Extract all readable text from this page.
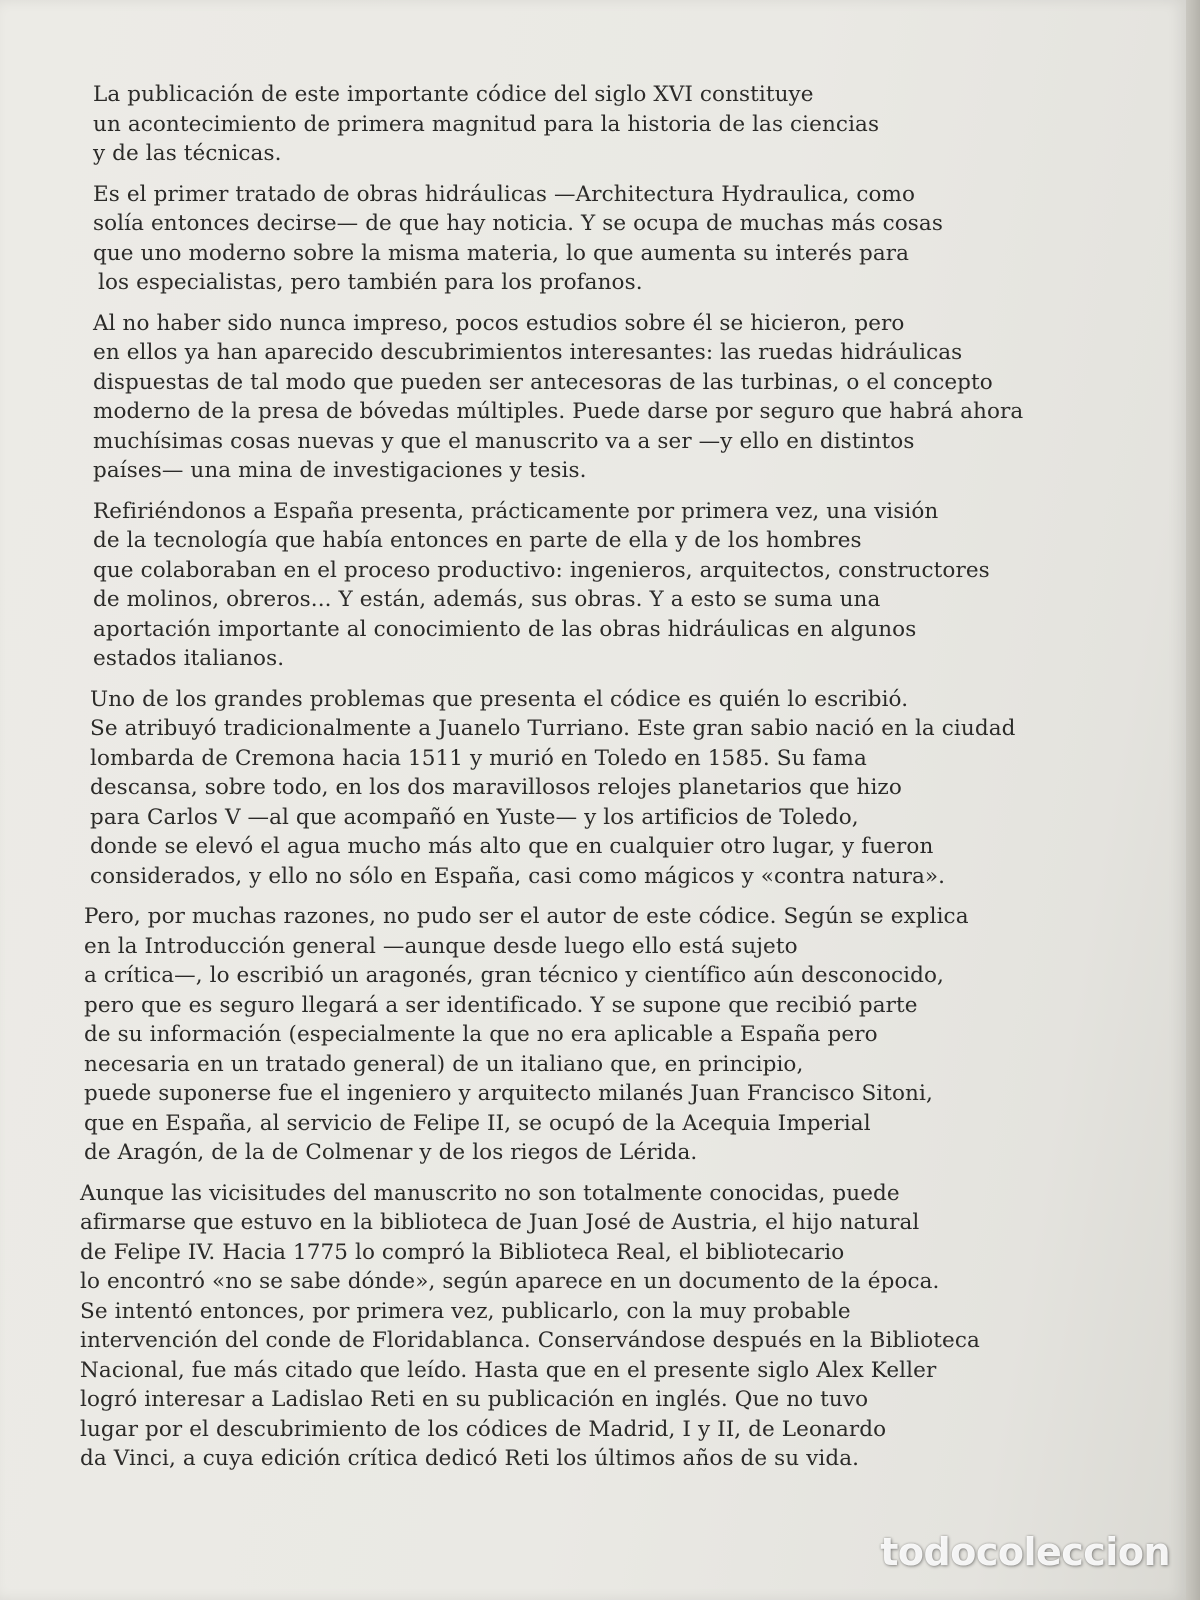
La publicación de este importante códice del siglo XVI constituye
un acontecimiento de primera magnitud para la historia de las ciencias
y de las técnicas.

Es el primer tratado de obras hidráulicas —Architectura Hydraulica, como
solía entonces decirse— de que hay noticia. Y se ocupa de muchas más cosas
que uno moderno sobre la misma materia, lo que aumenta su interés para
los especialistas, pero también para los profanos.

Al no haber sido nunca impreso, pocos estudios sobre él se hicieron, pero
en ellos ya han aparecido descubrimientos interesantes: las ruedas hidráulicas
dispuestas de tal modo que pueden ser antecesoras de las turbinas, o el concepto
moderno de la presa de bóvedas múltiples. Puede darse por seguro que habrá ahora
muchísimas cosas nuevas y que el manuscrito va a ser —y ello en distintos
países— una mina de investigaciones y tesis.

Refiriéndonos a España presenta, prácticamente por primera vez, una visión
de la tecnología que había entonces en parte de ella y de los hombres
que colaboraban en el proceso productivo: ingenieros, arquitectos, constructores
de molinos, obreros... Y están, además, sus obras. Y a esto se suma una
aportación importante al conocimiento de las obras hidráulicas en algunos
estados italianos.

Uno de los grandes problemas que presenta el códice es quién lo escribió.
Se atribuyó tradicionalmente a Juanelo Turriano. Este gran sabio nació en la ciudad
lombarda de Cremona hacia 1511 y murió en Toledo en 1585. Su fama
descansa, sobre todo, en los dos maravillosos relojes planetarios que hizo
para Carlos V —al que acompañó en Yuste— y los artificios de Toledo,
donde se elevó el agua mucho más alto que en cualquier otro lugar, y fueron
considerados, y ello no sólo en España, casi como mágicos y «contra natura».

Pero, por muchas razones, no pudo ser el autor de este códice. Según se explica
en la Introducción general —aunque desde luego ello está sujeto
a crítica—, lo escribió un aragonés, gran técnico y científico aún desconocido,
pero que es seguro llegará a ser identificado. Y se supone que recibió parte
de su información (especialmente la que no era aplicable a España pero
necesaria en un tratado general) de un italiano que, en principio,
puede suponerse fue el ingeniero y arquitecto milanés Juan Francisco Sitoni,
que en España, al servicio de Felipe II, se ocupó de la Acequia Imperial
de Aragón, de la de Colmenar y de los riegos de Lérida.

Aunque las vicisitudes del manuscrito no son totalmente conocidas, puede
afirmarse que estuvo en la biblioteca de Juan José de Austria, el hijo natural
de Felipe IV. Hacia 1775 lo compró la Biblioteca Real, el bibliotecario
lo encontró «no se sabe dónde», según aparece en un documento de la época.
Se intentó entonces, por primera vez, publicarlo, con la muy probable
intervención del conde de Floridablanca. Conservándose después en la Biblioteca
Nacional, fue más citado que leído. Hasta que en el presente siglo Alex Keller
logró interesar a Ladislao Reti en su publicación en inglés. Que no tuvo
lugar por el descubrimiento de los códices de Madrid, I y II, de Leonardo
da Vinci, a cuya edición crítica dedicó Reti los últimos años de su vida.

todocoleccion
